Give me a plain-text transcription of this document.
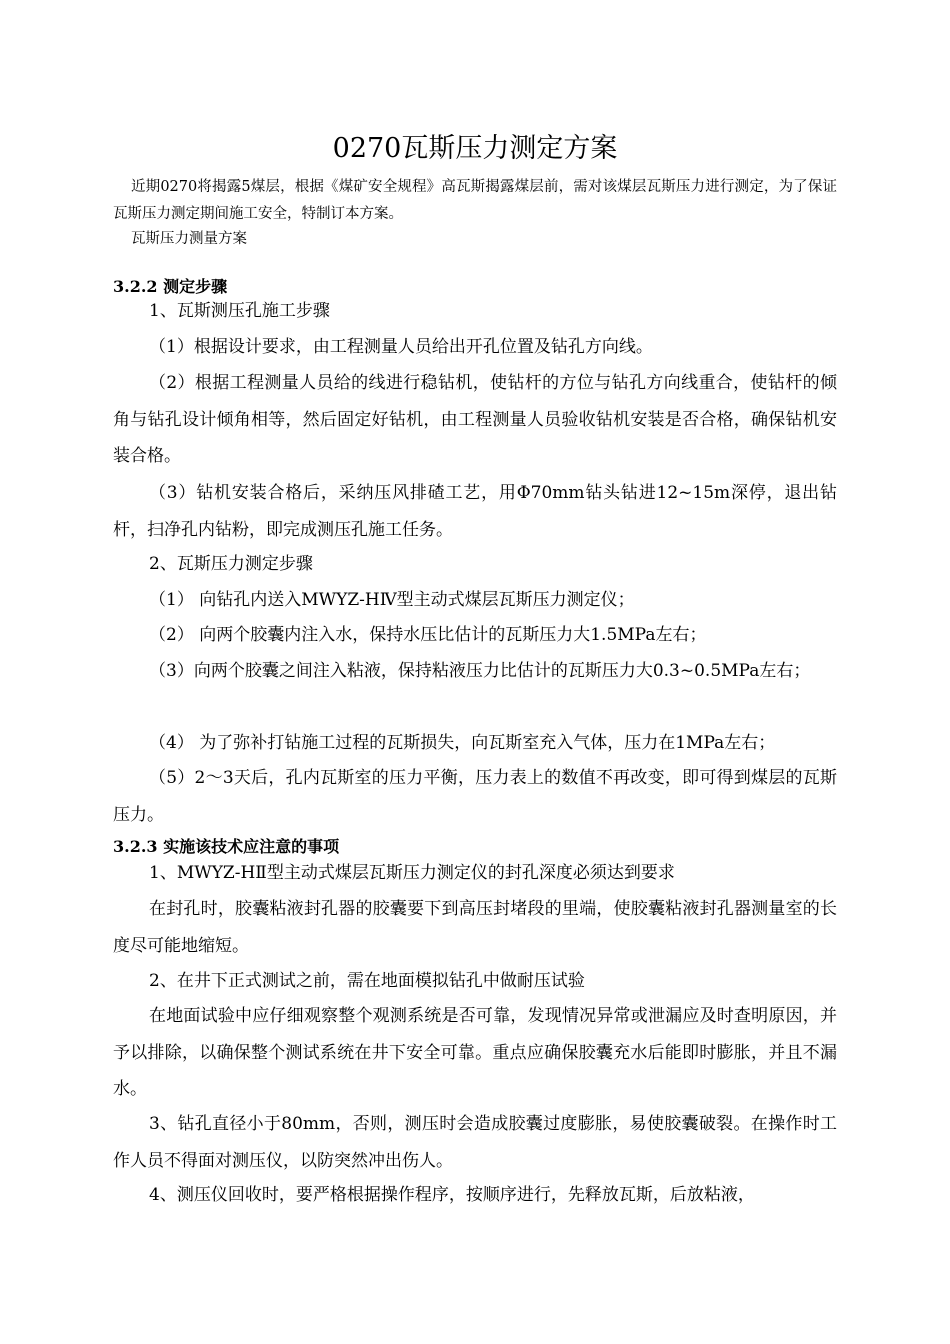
0270瓦斯压力测定方案

近期0270将揭露5煤层，根据《煤矿安全规程》高瓦斯揭露煤层前，需对该煤层瓦斯压力进行测定，为了保证瓦斯压力测定期间施工安全，特制订本方案。

瓦斯压力测量方案

3.2.2 测定步骤

1、瓦斯测压孔施工步骤

（1）根据设计要求，由工程测量人员给出开孔位置及钻孔方向线。

（2）根据工程测量人员给的线进行稳钻机，使钻杆的方位与钻孔方向线重合，使钻杆的倾角与钻孔设计倾角相等，然后固定好钻机，由工程测量人员验收钻机安装是否合格，确保钻机安装合格。

（3）钻机安装合格后，采纳压风排碴工艺，用Φ70mm钻头钻进12~15m深停，退出钻杆，扫净孔内钻粉，即完成测压孔施工任务。

2、瓦斯压力测定步骤

（1） 向钻孔内送入MWYZ-HⅣ型主动式煤层瓦斯压力测定仪；

（2） 向两个胶囊内注入水，保持水压比估计的瓦斯压力大1.5MPa左右；

（3）向两个胶囊之间注入粘液，保持粘液压力比估计的瓦斯压力大0.3~0.5MPa左右；

（4） 为了弥补打钻施工过程的瓦斯损失，向瓦斯室充入气体，压力在1MPa左右；

（5）2～3天后，孔内瓦斯室的压力平衡，压力表上的数值不再改变，即可得到煤层的瓦斯压力。

3.2.3 实施该技术应注意的事项

1、MWYZ-HⅡ型主动式煤层瓦斯压力测定仪的封孔深度必须达到要求

在封孔时，胶囊粘液封孔器的胶囊要下到高压封堵段的里端，使胶囊粘液封孔器测量室的长度尽可能地缩短。

2、在井下正式测试之前，需在地面模拟钻孔中做耐压试验

在地面试验中应仔细观察整个观测系统是否可靠，发现情况异常或泄漏应及时查明原因，并予以排除，以确保整个测试系统在井下安全可靠。重点应确保胶囊充水后能即时膨胀，并且不漏水。

3、钻孔直径小于80mm，否则，测压时会造成胶囊过度膨胀，易使胶囊破裂。在操作时工作人员不得面对测压仪，以防突然冲出伤人。

4、测压仪回收时，要严格根据操作程序，按顺序进行，先释放瓦斯，后放粘液，
